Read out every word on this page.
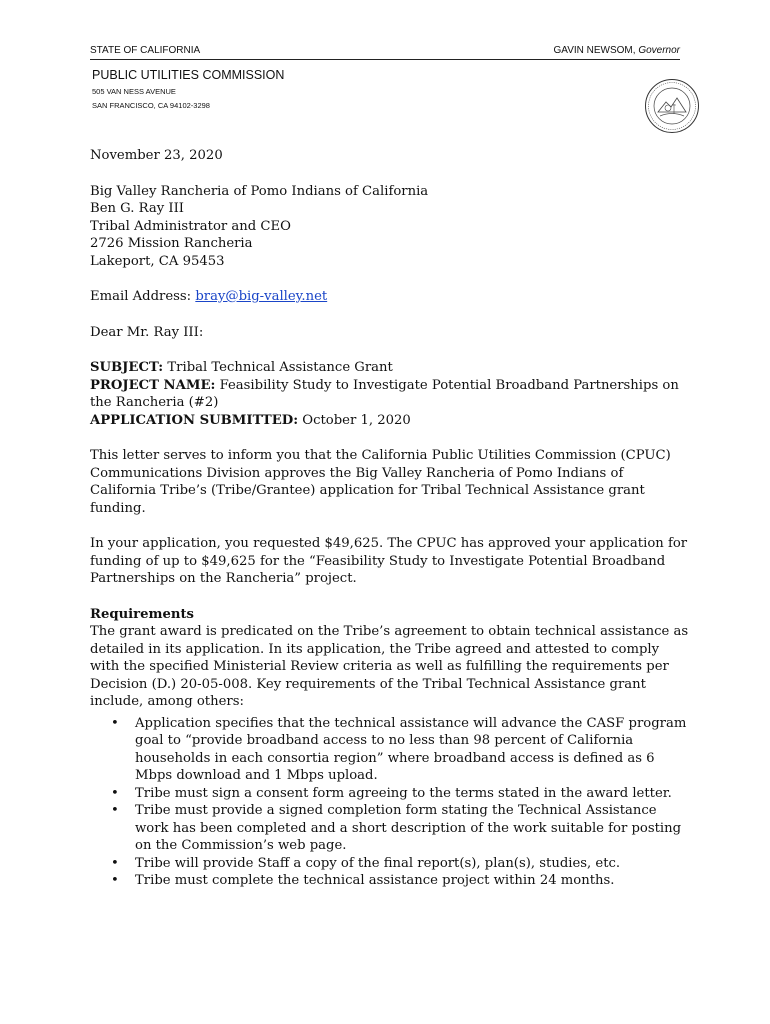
STATE OF CALIFORNIA	GAVIN NEWSOM, Governor
PUBLIC UTILITIES COMMISSION
505 VAN NESS AVENUE
SAN FRANCISCO, CA 94102-3298

November 23, 2020

Big Valley Rancheria of Pomo Indians of California
Ben G. Ray III
Tribal Administrator and CEO
2726 Mission Rancheria
Lakeport, CA 95453

Email Address: bray@big-valley.net

Dear Mr. Ray III:

SUBJECT: Tribal Technical Assistance Grant
PROJECT NAME: Feasibility Study to Investigate Potential Broadband Partnerships on the Rancheria (#2)
APPLICATION SUBMITTED: October 1, 2020

This letter serves to inform you that the California Public Utilities Commission (CPUC) Communications Division approves the Big Valley Rancheria of Pomo Indians of California Tribe’s (Tribe/Grantee) application for Tribal Technical Assistance grant funding.

In your application, you requested $49,625. The CPUC has approved your application for funding of up to $49,625 for the “Feasibility Study to Investigate Potential Broadband Partnerships on the Rancheria” project.

Requirements

The grant award is predicated on the Tribe’s agreement to obtain technical assistance as detailed in its application. In its application, the Tribe agreed and attested to comply with the specified Ministerial Review criteria as well as fulfilling the requirements per Decision (D.) 20-05-008. Key requirements of the Tribal Technical Assistance grant include, among others:

• Application specifies that the technical assistance will advance the CASF program goal to “provide broadband access to no less than 98 percent of California households in each consortia region” where broadband access is defined as 6 Mbps download and 1 Mbps upload.
• Tribe must sign a consent form agreeing to the terms stated in the award letter.
• Tribe must provide a signed completion form stating the Technical Assistance work has been completed and a short description of the work suitable for posting on the Commission’s web page.
• Tribe will provide Staff a copy of the final report(s), plan(s), studies, etc.
• Tribe must complete the technical assistance project within 24 months.
